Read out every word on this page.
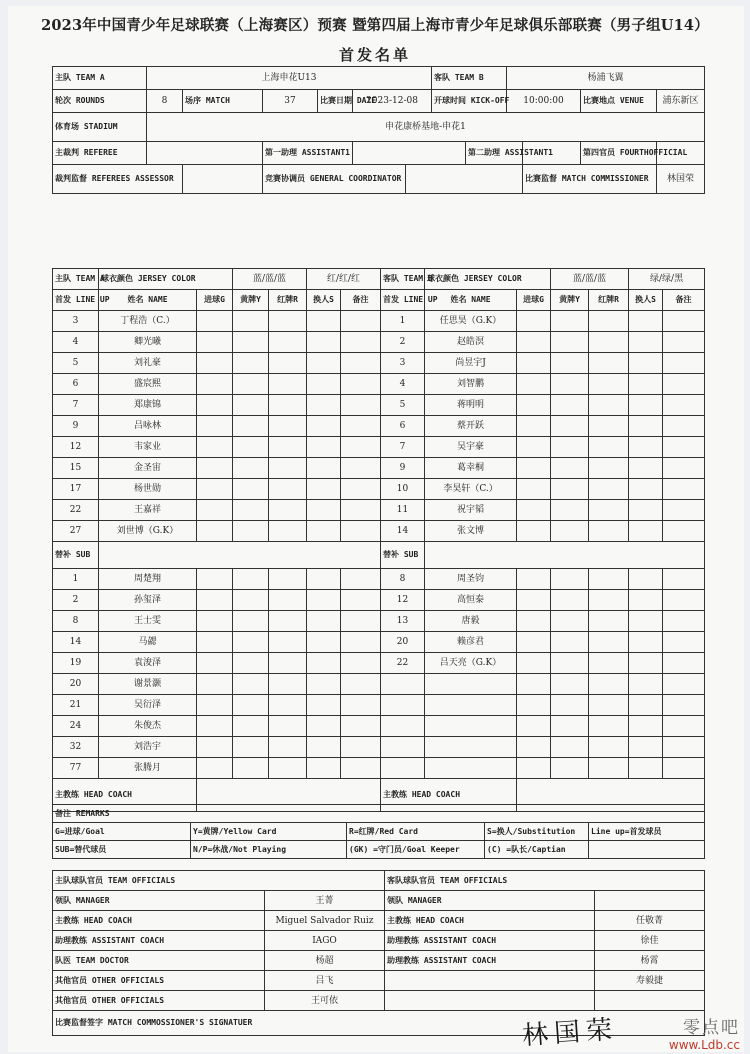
2023年中国青少年足球联赛（上海赛区）预赛 暨第四届上海市青少年足球俱乐部联赛（男子组U14）
首发名单
主队 TEAM A	上海申花U13						客队 TEAM B		杨浦飞翼			
轮次 ROUNDS	8	场序 MATCH	37	比赛日期 DATE	2023-12-08		开球时间 KICK-OFF		10:00:00		比赛地点 VENUE	浦东新区
体育场 STADIUM	申花康桥基地-申花1											
主裁判 REFEREE			第一助理 ASSISTANT1					第二助理 ASSISTANT1			第四官员 FOURTHOFFICIAL	
裁判监督 REFEREES ASSESSOR			竞赛协调员 GENERAL COORDINATOR							比赛监督 MATCH COMMISSIONER		林国荣
主队 TEAM A	球衣颜色 JERSEY COLOR		蓝/蓝/蓝		红/红/红		客队 TEAM B	球衣颜色 JERSEY COLOR		蓝/蓝/蓝		绿/绿/黑	
首发 LINE UP	姓名 NAME	进球G	黄牌Y	红牌R	换人S	备注	首发 LINE UP	姓名 NAME	进球G	黄牌Y	红牌R	换人S	备注
3	丁程浩（C.）						1	任思昊（G.K）					
4	卿光曦						2	赵皓溟					
5	刘礼豪						3	尚昱宇J					
6	盛宸熙						4	刘智鹏					
7	郑康锦						5	蒋明明					
9	吕咏林						6	蔡开跃					
12	韦家业						7	吴宇豪					
15	金圣宙						9	葛幸桐					
17	杨世勋						10	李昊轩（C.）					
22	王嘉祥						11	祝宇韬					
27	刘世博（G.K）						14	张文博					
替补 SUB							替补 SUB						
1	周楚翔						8	周圣钧					
2	孙玺泽						12	高恒泰					
8	王士雯						13	唐毅					
14	马勰						20	赖彦君					
19	袁浚泽						22	吕天亮（G.K）					
20	谢景灏												
21	吴衍泽												
24	朱俊杰												
32	刘浩宇												
77	张腾月												
主教练 HEAD COACH							主教练 HEAD COACH						
备注 REMARKS				
G=进球/Goal	Y=黄牌/Yellow Card	R=红牌/Red Card	S=换人/Substitution	Line up=首发球员
SUB=替代球员	N/P=休战/Not Playing	(GK) =守门员/Goal Keeper	(C) =队长/Captian	
主队球队官员 TEAM OFFICIALS		客队球队官员 TEAM OFFICIALS	
领队 MANAGER	王菁	领队 MANAGER	
主教练 HEAD COACH	Miguel Salvador Ruiz	主教练 HEAD COACH	任敬菁
助理教练 ASSISTANT COACH	IAGO	助理教练 ASSISTANT COACH	徐佳
队医 TEAM DOCTOR	杨超	助理教练 ASSISTANT COACH	杨霄
其他官员 OTHER OFFICIALS	吕飞		寿毅捷
其他官员 OTHER OFFICIALS	王可依		
比赛监督签字 MATCH COMMOSSIONER'S SIGNATUER				林国荣	零点吧
www.Ldb.cc
